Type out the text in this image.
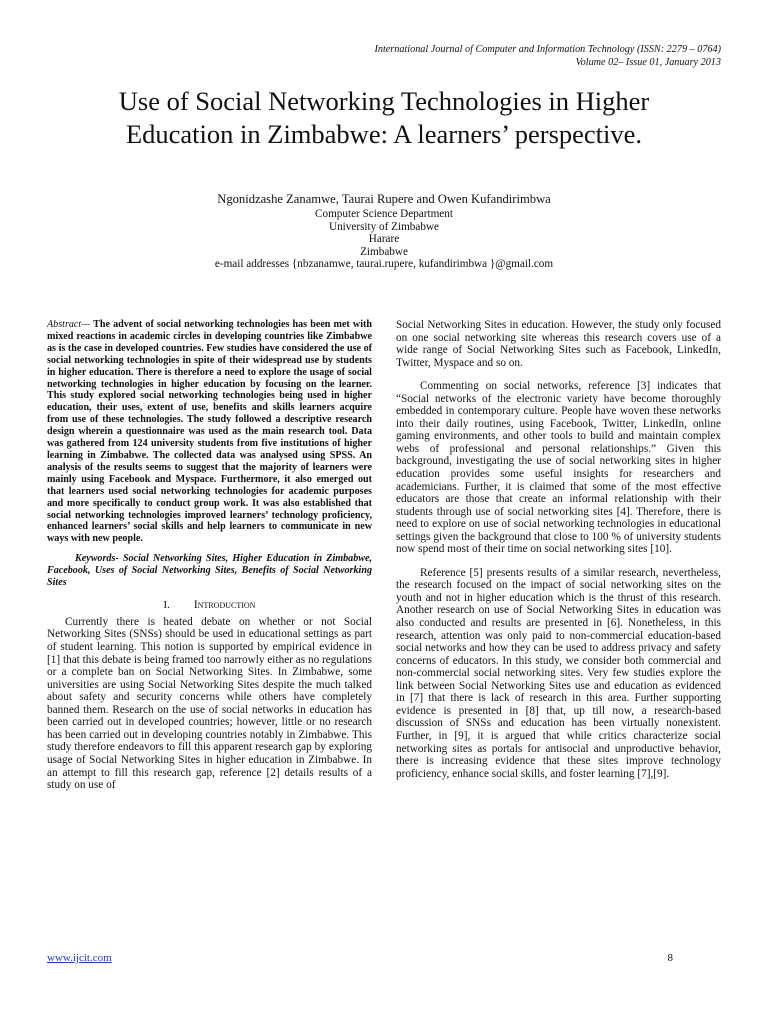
International Journal of Computer and Information Technology (ISSN: 2279 – 0764)
Volume 02– Issue 01, January 2013
Use of Social Networking Technologies in Higher
Education in Zimbabwe: A learners’ perspective.
Ngonidzashe Zanamwe, Taurai Rupere and Owen Kufandirimbwa
Computer Science Department
University of Zimbabwe
Harare
Zimbabwe
e-mail addresses {nbzanamwe, taurai.rupere, kufandirimbwa }@gmail.com

Abstract— The advent of social networking technologies has been met with mixed reactions in academic circles in developing countries like Zimbabwe as is the case in developed countries. Few studies have considered the use of social networking technologies in spite of their widespread use by students in higher education. There is therefore a need to explore the usage of social networking technologies in higher education by focusing on the learner. This study explored social networking technologies being used in higher education, their uses, extent of use, benefits and skills learners acquire from use of these technologies. The study followed a descriptive research design wherein a questionnaire was used as the main research tool. Data was gathered from 124 university students from five institutions of higher learning in Zimbabwe. The collected data was analysed using SPSS. An analysis of the results seems to suggest that the majority of learners were mainly using Facebook and Myspace. Furthermore, it also emerged out that learners used social networking technologies for academic purposes and more specifically to conduct group work. It was also established that social networking technologies improved learners’ technology proficiency, enhanced learners’ social skills and help learners to communicate in new ways with new people.

Keywords- Social Networking Sites, Higher Education in Zimbabwe, Facebook, Uses of Social Networking Sites, Benefits of Social Networking Sites

I. Introduction

Currently there is heated debate on whether or not Social Networking Sites (SNSs) should be used in educational settings as part of student learning. This notion is supported by empirical evidence in [1] that this debate is being framed too narrowly either as no regulations or a complete ban on Social Networking Sites. In Zimbabwe, some universities are using Social Networking Sites despite the much talked about safety and security concerns while others have completely banned them. Research on the use of social networks in education has been carried out in developed countries; however, little or no research has been carried out in developing countries notably in Zimbabwe. This study therefore endeavors to fill this apparent research gap by exploring usage of Social Networking Sites in higher education in Zimbabwe. In an attempt to fill this research gap, reference [2] details results of a study on use of

Social Networking Sites in education. However, the study only focused on one social networking site whereas this research covers use of a wide range of Social Networking Sites such as Facebook, LinkedIn, Twitter, Myspace and so on.

Commenting on social networks, reference [3] indicates that “Social networks of the electronic variety have become thoroughly embedded in contemporary culture. People have woven these networks into their daily routines, using Facebook, Twitter, LinkedIn, online gaming environments, and other tools to build and maintain complex webs of professional and personal relationships.” Given this background, investigating the use of social networking sites in higher education provides some useful insights for researchers and academicians. Further, it is claimed that some of the most effective educators are those that create an informal relationship with their students through use of social networking sites [4]. Therefore, there is need to explore on use of social networking technologies in educational settings given the background that close to 100 % of university students now spend most of their time on social networking sites [10].

Reference [5] presents results of a similar research, nevertheless, the research focused on the impact of social networking sites on the youth and not in higher education which is the thrust of this research. Another research on use of Social Networking Sites in education was also conducted and results are presented in [6]. Nonetheless, in this research, attention was only paid to non-commercial education-based social networks and how they can be used to address privacy and safety concerns of educators. In this study, we consider both commercial and non-commercial social networking sites. Very few studies explore the link between Social Networking Sites use and education as evidenced in [7] that there is lack of research in this area. Further supporting evidence is presented in [8] that, up till now, a research-based discussion of SNSs and education has been virtually nonexistent. Further, in [9], it is argued that while critics characterize social networking sites as portals for antisocial and unproductive behavior, there is increasing evidence that these sites improve technology proficiency, enhance social skills, and foster learning [7],[9].

www.ijcit.com	8
